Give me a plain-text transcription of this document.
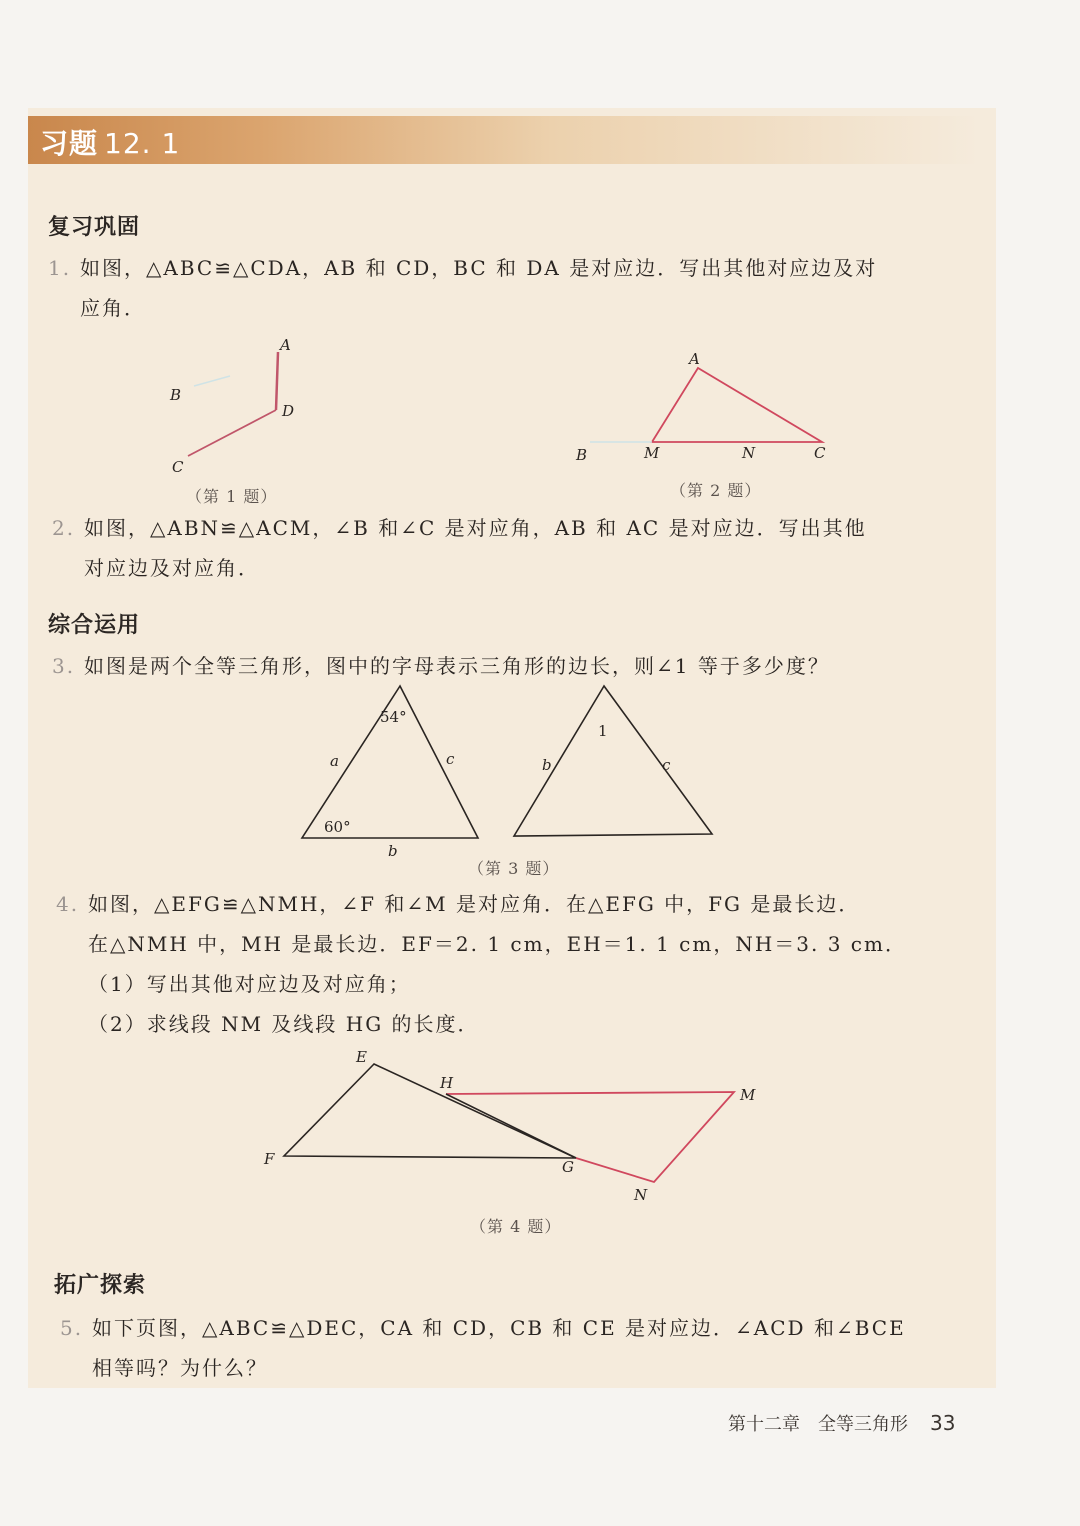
习题 12. 1
复习巩固
1. 如图，△ABC≌△CDA，AB 和 CD，BC 和 DA 是对应边．写出其他对应边及对
应角．
A
B
D
C
（第 1 题）
A
B	M	N	C
（第 2 题）
2. 如图，△ABN≌△ACM，∠B 和∠C 是对应角，AB 和 AC 是对应边．写出其他
对应边及对应角．
综合运用
3. 如图是两个全等三角形，图中的字母表示三角形的边长，则∠1 等于多少度？
54°
60°
a	c
b
1
b	c
（第 3 题）
4. 如图，△EFG≌△NMH，∠F 和∠M 是对应角．在△EFG 中，FG 是最长边．
在△NMH 中，MH 是最长边．EF＝2. 1 cm，EH＝1. 1 cm，NH＝3. 3 cm．
（1）写出其他对应边及对应角；
（2）求线段 NM 及线段 HG 的长度．
E
H
M
F	G
N
（第 4 题）
拓广探索
5. 如下页图，△ABC≌△DEC，CA 和 CD，CB 和 CE 是对应边．∠ACD 和∠BCE
相等吗？为什么？
第十二章 全等三角形 33
